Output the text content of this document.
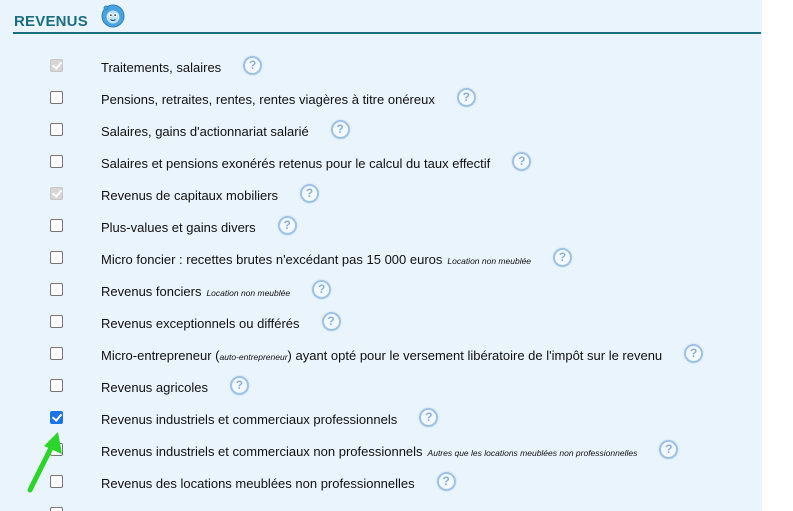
REVENUS
Traitements, salaires	?
Pensions, retraites, rentes, rentes viagères à titre onéreux	?
Salaires, gains d'actionnariat salarié	?
Salaires et pensions exonérés retenus pour le calcul du taux effectif	?
Revenus de capitaux mobiliers	?
Plus-values et gains divers	?
Micro foncier : recettes brutes n'excédant pas 15 000 euros Location non meublée	?
Revenus fonciers Location non meublée	?
Revenus exceptionnels ou différés	?
Micro-entrepreneur ( auto-entrepreneur ) ayant opté pour le versement libératoire de l'impôt sur le revenu	?
Revenus agricoles	?
Revenus industriels et commerciaux professionnels	?
Revenus industriels et commerciaux non professionnels Autres que les locations meublées non professionnelles	?
Revenus des locations meublées non professionnelles	?
